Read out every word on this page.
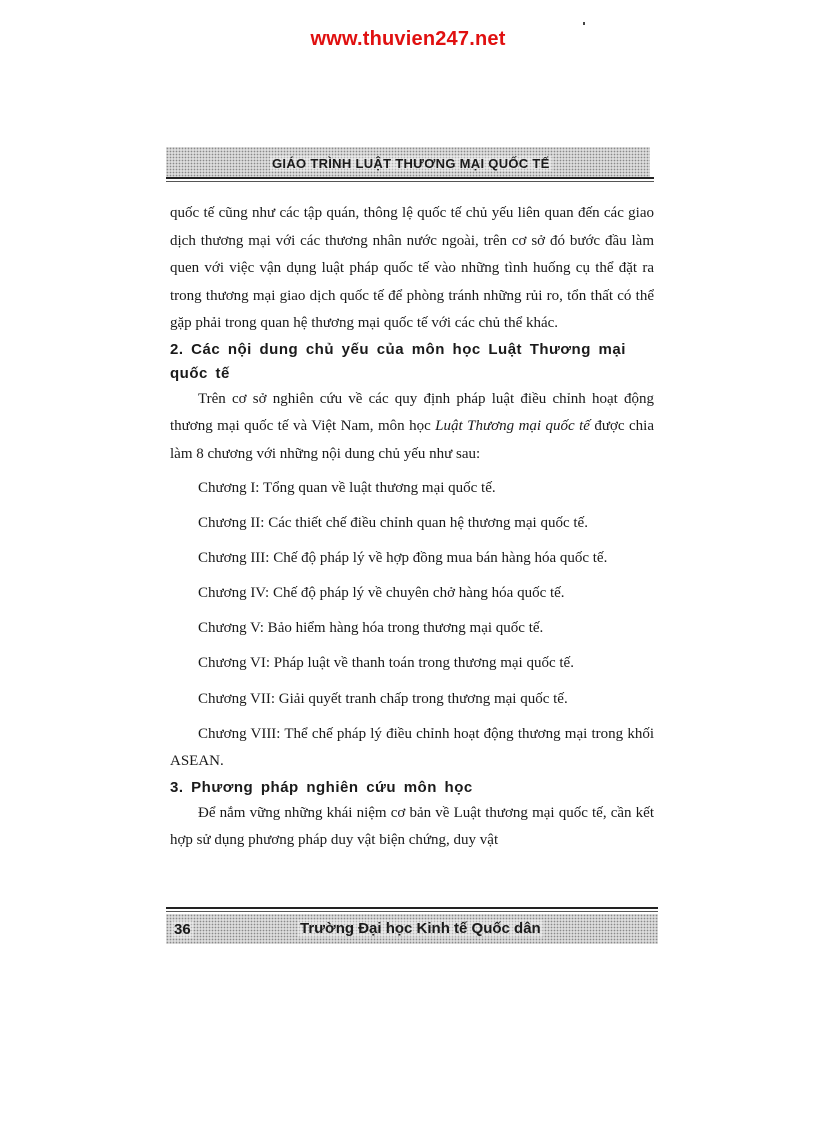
www.thuvien247.net
GIÁO TRÌNH LUẬT THƯƠNG MẠI QUỐC TẾ

quốc tế cũng như các tập quán, thông lệ quốc tế chủ yếu liên quan đến các giao dịch thương mại với các thương nhân nước ngoài, trên cơ sở đó bước đầu làm quen với việc vận dụng luật pháp quốc tế vào những tình huống cụ thể đặt ra trong thương mại giao dịch quốc tế để phòng tránh những rủi ro, tổn thất có thể gặp phải trong quan hệ thương mại quốc tế với các chủ thể khác.

2. Các nội dung chủ yếu của môn học Luật Thương mại quốc tế

Trên cơ sở nghiên cứu về các quy định pháp luật điều chỉnh hoạt động thương mại quốc tế và Việt Nam, môn học Luật Thương mại quốc tế được chia làm 8 chương với những nội dung chủ yếu như sau:

Chương I: Tổng quan về luật thương mại quốc tế.

Chương II: Các thiết chế điều chỉnh quan hệ thương mại quốc tế.

Chương III: Chế độ pháp lý về hợp đồng mua bán hàng hóa quốc tế.

Chương IV: Chế độ pháp lý về chuyên chở hàng hóa quốc tế.

Chương V: Bảo hiểm hàng hóa trong thương mại quốc tế.

Chương VI: Pháp luật về thanh toán trong thương mại quốc tế.

Chương VII: Giải quyết tranh chấp trong thương mại quốc tế.

Chương VIII: Thể chế pháp lý điều chỉnh hoạt động thương mại trong khối ASEAN.

3. Phương pháp nghiên cứu môn học

Để nắm vững những khái niệm cơ bản về Luật thương mại quốc tế, cần kết hợp sử dụng phương pháp duy vật biện chứng, duy vật

36	Trường Đại học Kinh tế Quốc dân
